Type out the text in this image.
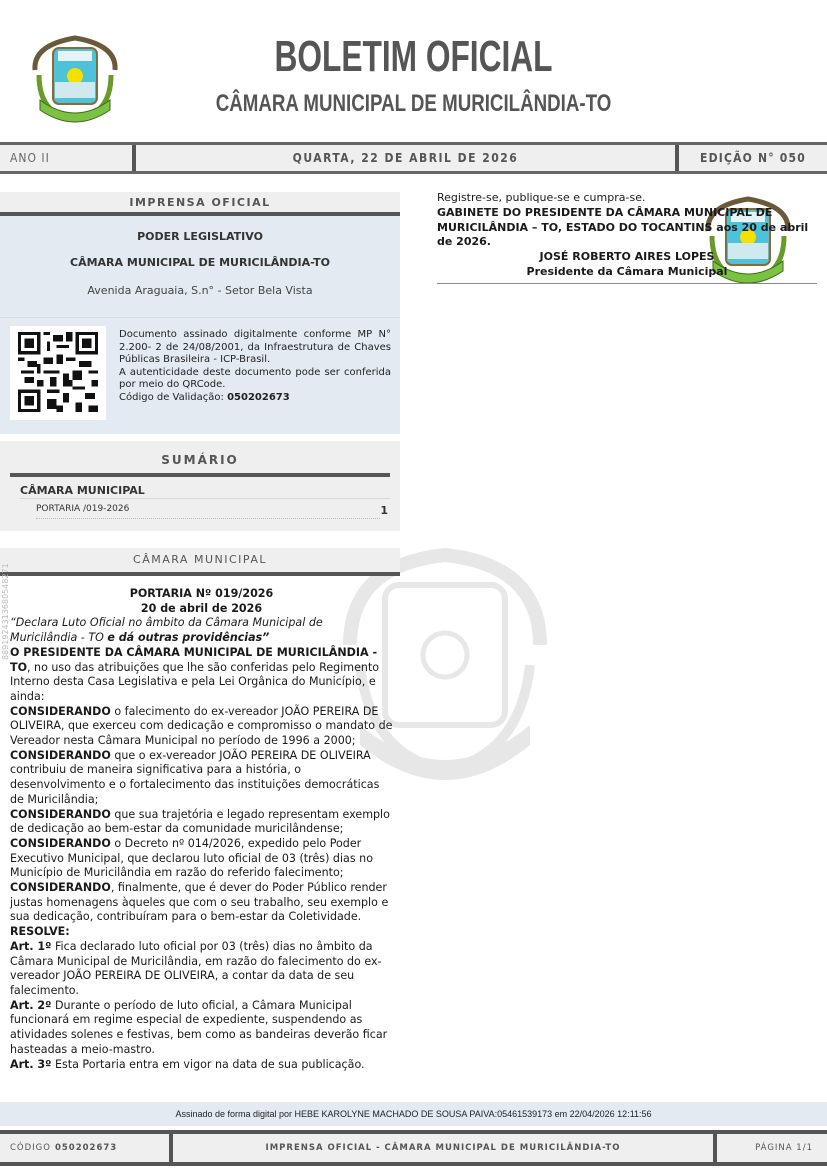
BOLETIM OFICIAL
CÂMARA MUNICIPAL DE MURICILÂNDIA-TO
ANO II	QUARTA, 22 DE ABRIL DE 2026	EDIÇÃO N° 050
IMPRENSA OFICIAL
PODER LEGISLATIVO
CÂMARA MUNICIPAL DE MURICILÂNDIA-TO
Avenida Araguaia, S.n° - Setor Bela Vista
Documento assinado digitalmente conforme MP N° 2.200- 2 de 24/08/2001, da Infraestrutura de Chaves Públicas Brasileira - ICP-Brasil.
A autenticidade deste documento pode ser conferida por meio do QRCode.
Código de Validação: 050202673
SUMÁRIO
CÂMARA MUNICIPAL
PORTARIA /019-2026	1
CÂMARA MUNICIPAL
8891924313680548271	PORTARIA Nº 019/2026

20 de abril de 2026

“Declara Luto Oficial no âmbito da Câmara Municipal de Muricilândia - TO e dá outras providências”

O PRESIDENTE DA CÂMARA MUNICIPAL DE MURICILÂNDIA - TO, no uso das atribuições que lhe são conferidas pelo Regimento Interno desta Casa Legislativa e pela Lei Orgânica do Município, e ainda:

CONSIDERANDO o falecimento do ex-vereador JOÃO PEREIRA DE OLIVEIRA, que exerceu com dedicação e compromisso o mandato de Vereador nesta Câmara Municipal no período de 1996 a 2000;

CONSIDERANDO que o ex-vereador JOÃO PEREIRA DE OLIVEIRA contribuiu de maneira significativa para a história, o desenvolvimento e o fortalecimento das instituições democráticas de Muricilândia;

CONSIDERANDO que sua trajetória e legado representam exemplo de dedicação ao bem-estar da comunidade muricilândense;

CONSIDERANDO o Decreto nº 014/2026, expedido pelo Poder Executivo Municipal, que declarou luto oficial de 03 (três) dias no Município de Muricilândia em razão do referido falecimento;

CONSIDERANDO, finalmente, que é dever do Poder Público render justas homenagens àqueles que com o seu trabalho, seu exemplo e sua dedicação, contribuíram para o bem-estar da Coletividade.

RESOLVE:

Art. 1º Fica declarado luto oficial por 03 (três) dias no âmbito da Câmara Municipal de Muricilândia, em razão do falecimento do ex-vereador JOÃO PEREIRA DE OLIVEIRA, a contar da data de seu falecimento.

Art. 2º Durante o período de luto oficial, a Câmara Municipal funcionará em regime especial de expediente, suspendendo as atividades solenes e festivas, bem como as bandeiras deverão ficar hasteadas a meio-mastro.

Art. 3º Esta Portaria entra em vigor na data de sua publicação.

Registre-se, publique-se e cumpra-se.

GABINETE DO PRESIDENTE DA CÂMARA MUNICIPAL DE MURICILÂNDIA – TO, ESTADO DO TOCANTINS aos 20 de abril de 2026.

JOSÉ ROBERTO AIRES LOPES

Presidente da Câmara Municipal

Assinado de forma digital por HEBE KAROLYNE MACHADO DE SOUSA PAIVA:05461539173 em 22/04/2026 12:11:56
CÓDIGO 050202673	IMPRENSA OFICIAL - CÂMARA MUNICIPAL DE MURICILÂNDIA-TO	PÁGINA 1/1
